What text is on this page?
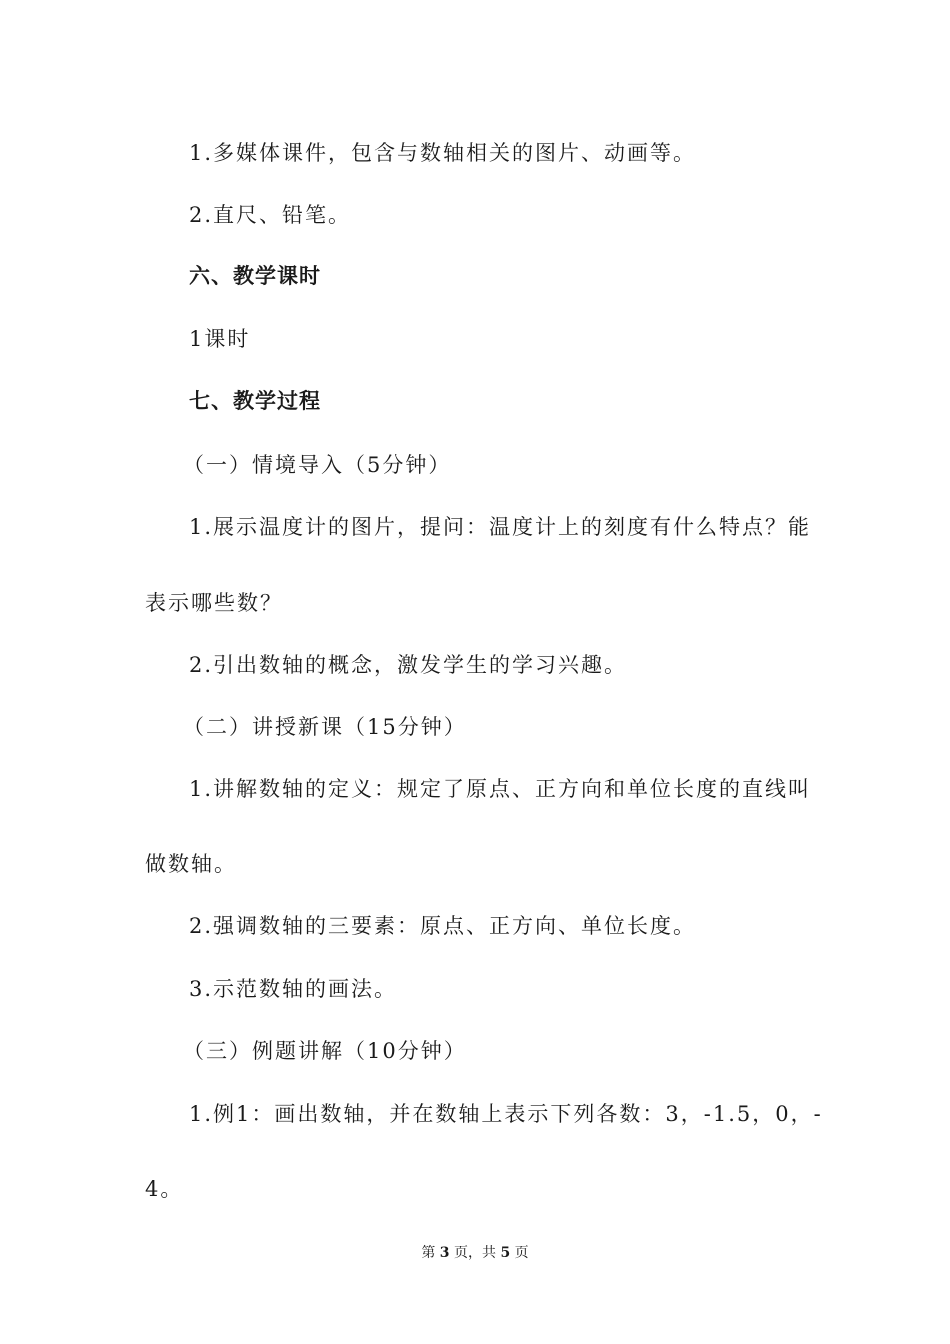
1.多媒体课件，包含与数轴相关的图片、动画等。
2.直尺、铅笔。
六、教学课时
1课时
七、教学过程
（一）情境导入（5分钟）
1.展示温度计的图片，提问：温度计上的刻度有什么特点？能
表示哪些数？
2.引出数轴的概念，激发学生的学习兴趣。
（二）讲授新课（15分钟）
1.讲解数轴的定义：规定了原点、正方向和单位长度的直线叫
做数轴。
2.强调数轴的三要素：原点、正方向、单位长度。
3.示范数轴的画法。
（三）例题讲解（10分钟）
1.例1：画出数轴，并在数轴上表示下列各数：3，-1.5，0，-
4。
第 3 页，共 5 页
